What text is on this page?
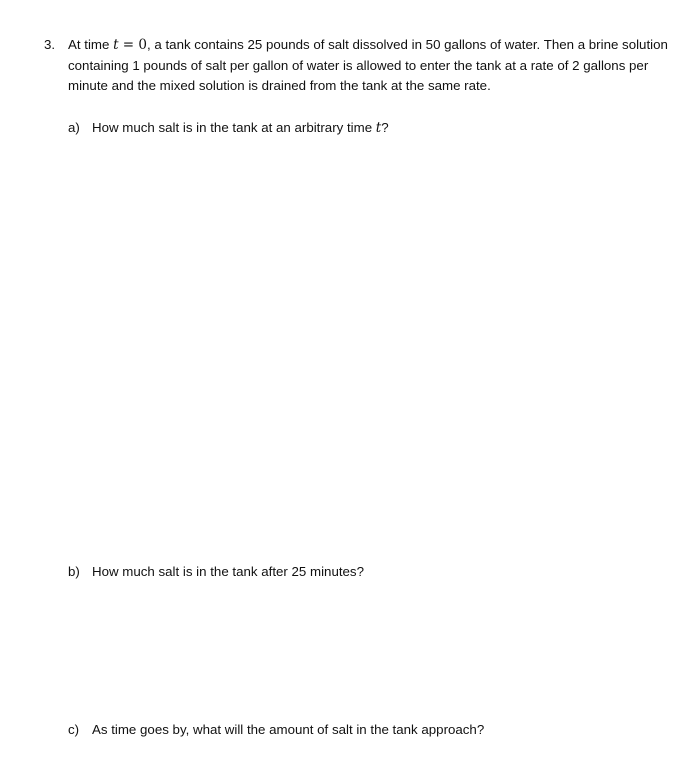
3. At time t = 0, a tank contains 25 pounds of salt dissolved in 50 gallons of water. Then a brine solution containing 1 pounds of salt per gallon of water is allowed to enter the tank at a rate of 2 gallons per minute and the mixed solution is drained from the tank at the same rate.
a) How much salt is in the tank at an arbitrary time t?
b) How much salt is in the tank after 25 minutes?
c) As time goes by, what will the amount of salt in the tank approach?
